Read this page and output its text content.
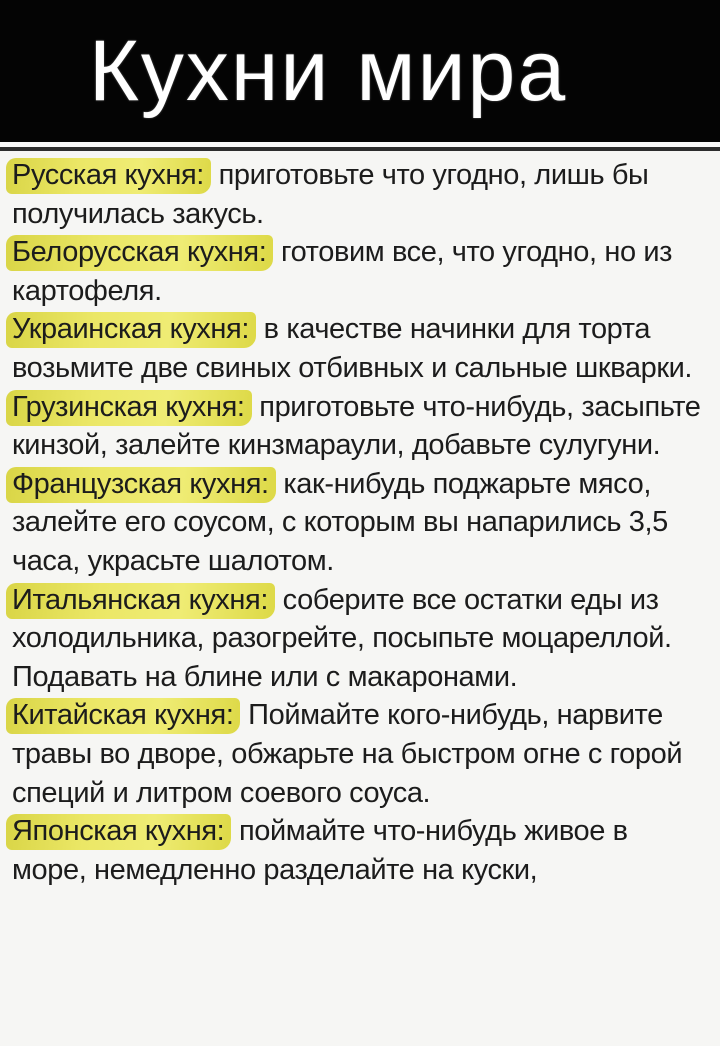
Кухни мира

Русская кухня: приготовьте что угодно, лишь бы получилась закусь.

Белорусская кухня: готовим все, что угодно, но из картофеля.

Украинская кухня: в качестве начинки для торта возьмите две свиных отбивных и сальные шкварки.

Грузинская кухня: приготовьте что-нибудь, засыпьте кинзой, залейте кинзмараули, добавьте сулугуни.

Французская кухня: как-нибудь поджарьте мясо, залейте его соусом, с которым вы напарились 3,5 часа, украсьте шалотом.

Итальянская кухня: соберите все остатки еды из холодильника, разогрейте, посыпьте моцареллой. Подавать на блине или с макаронами.

Китайская кухня: Поймайте кого-нибудь, нарвите травы во дворе, обжарьте на быстром огне с горой специй и литром соевого соуса.

Японская кухня: поймайте что-нибудь живое в море, немедленно разделайте на куски,
